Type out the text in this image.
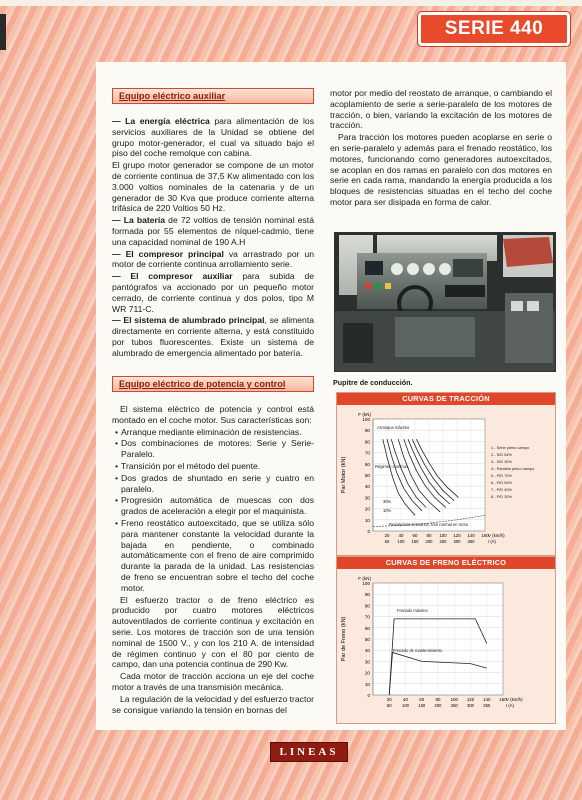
SERIE 440
Equipo eléctrico auxiliar

— La energía eléctrica para alimentación de los servicios auxiliares de la Unidad se obtiene del grupo motor-generador, el cual va situado bajo el piso del coche remolque con cabina.

El grupo motor generador se compone de un motor de corriente continua de 37,5 Kw alimentado con los 3.000 voltios nominales de la catenaria y de un generador de 30 Kva que produce corriente alterna trifásica de 220 Voltios 50 Hz.

— La batería de 72 voltios de tensión nominal está formada por 55 elementos de níquel-cadmio, tiene una capacidad nominal de 190 A.H

— El compresor principal va arrastrado por un motor de corriente continua arrollamiento serie.

— El compresor auxiliar para subida de pantógrafos va accionado por un pequeño motor cerrado, de corriente continua y dos polos, tipo M WR 711-C.

— El sistema de alumbrado principal, se alimenta directamente en corriente alterna, y está constituido por tubos fluorescentes. Existe un sistema de alumbrado de emergencia alimentado por batería.

Equipo eléctrico de potencia y control

El sistema eléctrico de potencia y control está montado en el coche motor. Sus características son:

• Arranque mediante eliminación de resistencias.
• Dos combinaciones de motores: Serie y Serie-Paralelo.
• Transición por el método del puente.
• Dos grados de shuntado en serie y cuatro en paralelo.
• Progresión automática de muescas con dos grados de aceleración a elegir por el maquinista.
• Freno reostático autoexcitado, que se utiliza sólo para mantener constante la velocidad durante la bajada en pendiente, o combinado automáticamente con el freno de aire comprimido durante la parada de la unidad. Las resistencias de freno se encuentran sobre el techo del coche motor.

El esfuerzo tractor o de freno eléctrico es producido por cuatro motores eléctricos autoventilados de corriente continua y excitación en serie. Los motores de tracción son de una tensión nominal de 1500 V., y con los 210 A. de intensidad de régimen continuo y con el 80 por ciento de campo, dan una potencia continua de 290 Kw.

Cada motor de tracción acciona un eje del coche motor a través de una transmisión mecánica.

La regulación de la velocidad y del esfuerzo tractor se consigue variando la tensión en bornas del

motor por medio del reostato de arranque, o cambiando el acoplamiento de serie a serie-paralelo de los motores de tracción, o bien, variando la excitación de los motores de tracción.

Para tracción los motores pueden acoplarse en serie o en serie-paralelo y además para el frenado reostático, los motores, funcionando como generadores autoexcitados, se acoplan en dos ramas en paralelo con dos motores en serie en cada rama, mandando la energía producida a los bloques de resistencias situadas en el techo del coche motor para ser disipada en forma de calor.

Pupitre de conducción.
CURVAS DE TRACCIÓN
0
10
20
30
40
50
60
70
80
90
100
20 40 60 80 100 120 140 160
50 100 150 200 250 300 350
F (kN)
V (km/h)
I (A)
Par Motor (kN)
Arranque máximo
Régimen contínuo
Resistencia al avance, tren normal en recta
30%
10%
1.- Serie pleno campo
2.- S/D 54%
3.- S/D 30%
4.- Paralelo pleno campo
5.- P/D 70%
6.- P/D 54%
7.- P/D 40%
8.- P/D 30%
CURVAS DE FRENO ELÉCTRICO
0
10
20
30
40
50
60
70
80
90
100
20	40	60	80 100 120 140 160
50 100 150 200 250 300 350
F (kN)
V (km/h)
I (A)
Par de Freno (kN)
Frenado máximo
Frenado de mantenimiento
LINEAS
